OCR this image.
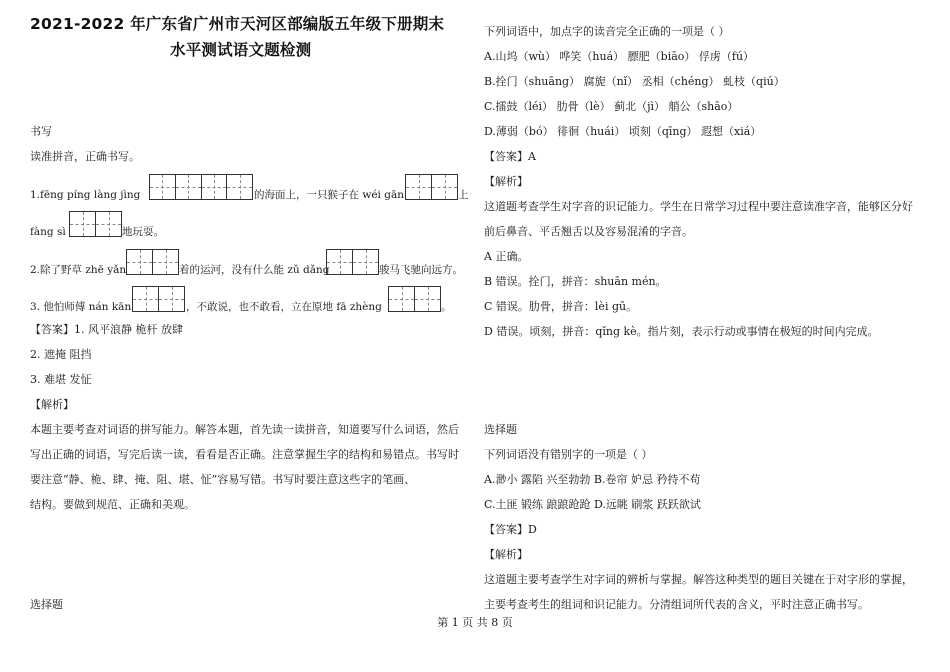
2021-2022 年广东省广州市天河区部编版五年级下册期末
水平测试语文题检测
书写
读准拼音，正确书写。
1.fēng píng làng jìng	的海面上，一只猴子在 wéi gān	上
fàng sì	地玩耍。
2.除了野草 zhē yǎn	着的运河，没有什么能 zǔ dǎng	骏马飞驰向远方。
3. 他怕师傅 nán kān	，不敢说，也不敢看，立在原地 fā zhèng	。
【答案】1. 风平浪静 桅杆 放肆
2. 遮掩 阻挡
3. 难堪 发怔
【解析】
本题主要考查对词语的拼写能力。解答本题，首先读一读拼音，知道要写什么词语，然后
写出正确的词语，写完后读一读，看看是否正确。注意掌握生字的结构和易错点。书写时
要注意“静、桅、肆、掩、阻、堪、怔”容易写错。书写时要注意这些字的笔画、
结构。要做到规范、正确和美观。
选择题
下列词语中，加点字的读音完全正确的一项是（ ）
A.山坞（wù） 哗笑（huá） 膘肥（biāo） 俘虏（fú）
B.拴门（shuāng） 腐旎（nǐ） 丞相（chéng） 虬枝（qiú）
C.擂鼓（léi） 肋骨（lè） 蓟北（jì） 艄公（shāo）
D.薄弱（bó） 徘徊（huái） 顷刻（qīng） 遐想（xiá）
【答案】A
【解析】
这道题考查学生对字音的识记能力。学生在日常学习过程中要注意读准字音，能够区分好
前后鼻音、平舌翘舌以及容易混淆的字音。
A 正确。
B 错误。拴门，拼音：shuān mén。
C 错误。肋骨，拼音：lèi gū。
D 错误。顷刻，拼音：qǐng kè。指片刻，表示行动或事情在极短的时间内完成。
选择题
下列词语没有错别字的一项是（ ）
A.渺小 露陷 兴至勃勃 B.卷帘 妒忌 矜持不苟
C.土匪 锻练 踉踉跄跄 D.远眺 刷浆 跃跃欲试
【答案】D
【解析】
这道题主要考查学生对字词的辨析与掌握。解答这种类型的题目关键在于对字形的掌握，
主要考查考生的组词和识记能力。分清组词所代表的含义，平时注意正确书写。
第 1 页 共 8 页
